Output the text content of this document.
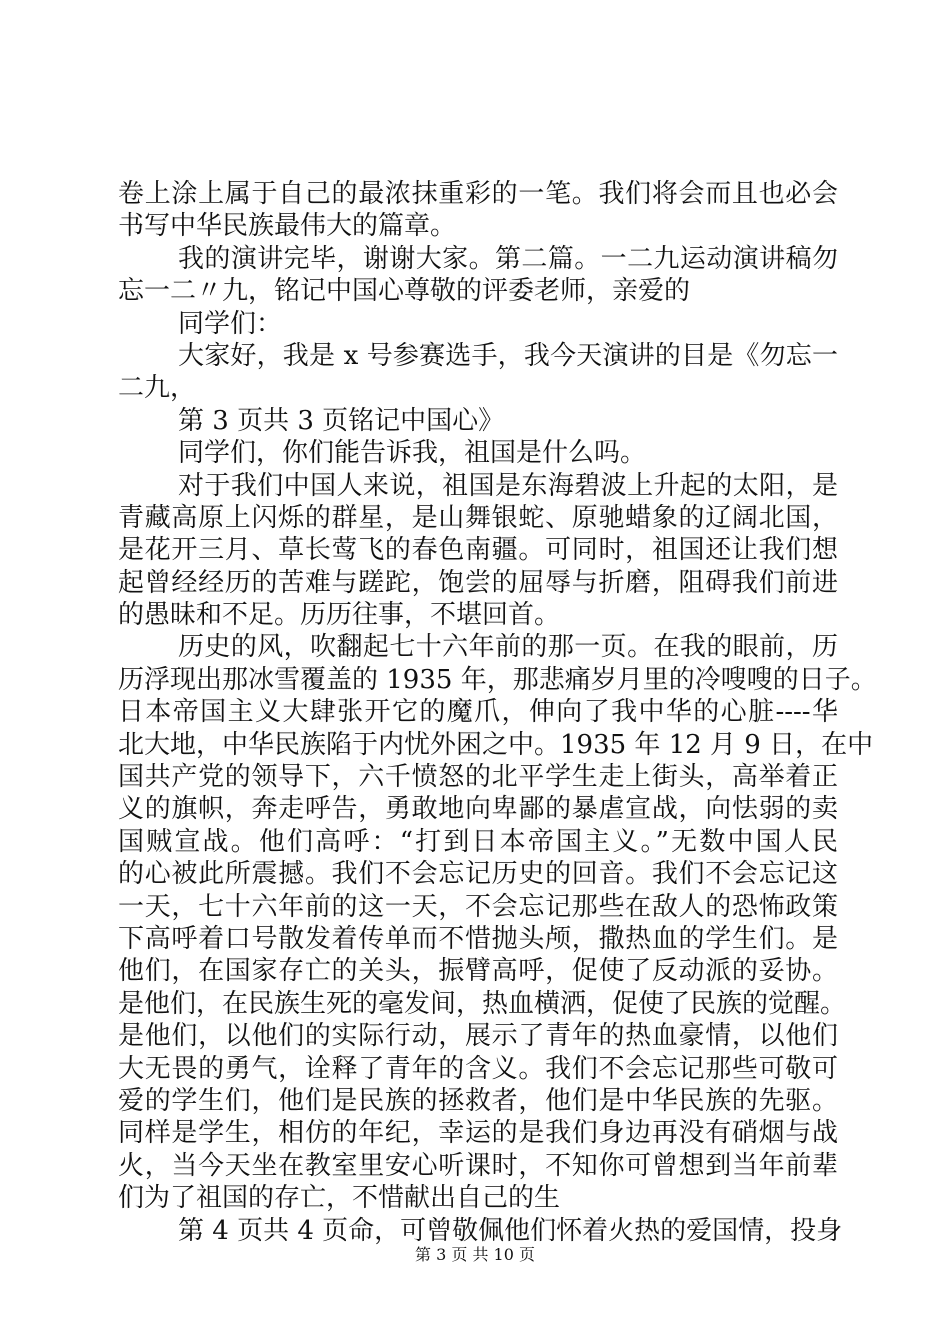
卷上涂上属于自己的最浓抹重彩的一笔。我们将会而且也必会
书写中华民族最伟大的篇章。
我的演讲完毕，谢谢大家。第二篇。一二九运动演讲稿勿
忘一二〃九，铭记中国心尊敬的评委老师，亲爱的
同学们：
大家好，我是 x 号参赛选手，我今天演讲的目是《勿忘一
二九，
第 3 页共 3 页铭记中国心》
同学们，你们能告诉我，祖国是什么吗。
对于我们中国人来说，祖国是东海碧波上升起的太阳，是
青藏高原上闪烁的群星，是山舞银蛇、原驰蜡象的辽阔北国，
是花开三月、草长莺飞的春色南疆。可同时，祖国还让我们想
起曾经经历的苦难与蹉跎，饱尝的屈辱与折磨，阻碍我们前进
的愚昧和不足。历历往事，不堪回首。
历史的风，吹翻起七十六年前的那一页。在我的眼前，历
历浮现出那冰雪覆盖的 1935 年，那悲痛岁月里的冷嗖嗖的日子。
日本帝国主义大肆张开它的魔爪，伸向了我中华的心脏----华
北大地，中华民族陷于内忧外困之中。1935 年 12 月 9 日，在中
国共产党的领导下，六千愤怒的北平学生走上街头，高举着正
义的旗帜，奔走呼告，勇敢地向卑鄙的暴虐宣战，向怯弱的卖
国贼宣战。他们高呼：“打到日本帝国主义。”无数中国人民
的心被此所震撼。我们不会忘记历史的回音。我们不会忘记这
一天，七十六年前的这一天，不会忘记那些在敌人的恐怖政策
下高呼着口号散发着传单而不惜抛头颅，撒热血的学生们。是
他们，在国家存亡的关头，振臂高呼，促使了反动派的妥协。
是他们，在民族生死的毫发间，热血横洒，促使了民族的觉醒。
是他们，以他们的实际行动，展示了青年的热血豪情，以他们
大无畏的勇气，诠释了青年的含义。我们不会忘记那些可敬可
爱的学生们，他们是民族的拯救者，他们是中华民族的先驱。
同样是学生，相仿的年纪，幸运的是我们身边再没有硝烟与战
火，当今天坐在教室里安心听课时，不知你可曾想到当年前辈
们为了祖国的存亡，不惜献出自己的生
第 4 页共 4 页命，可曾敬佩他们怀着火热的爱国情，投身
第 3 页 共 10 页
